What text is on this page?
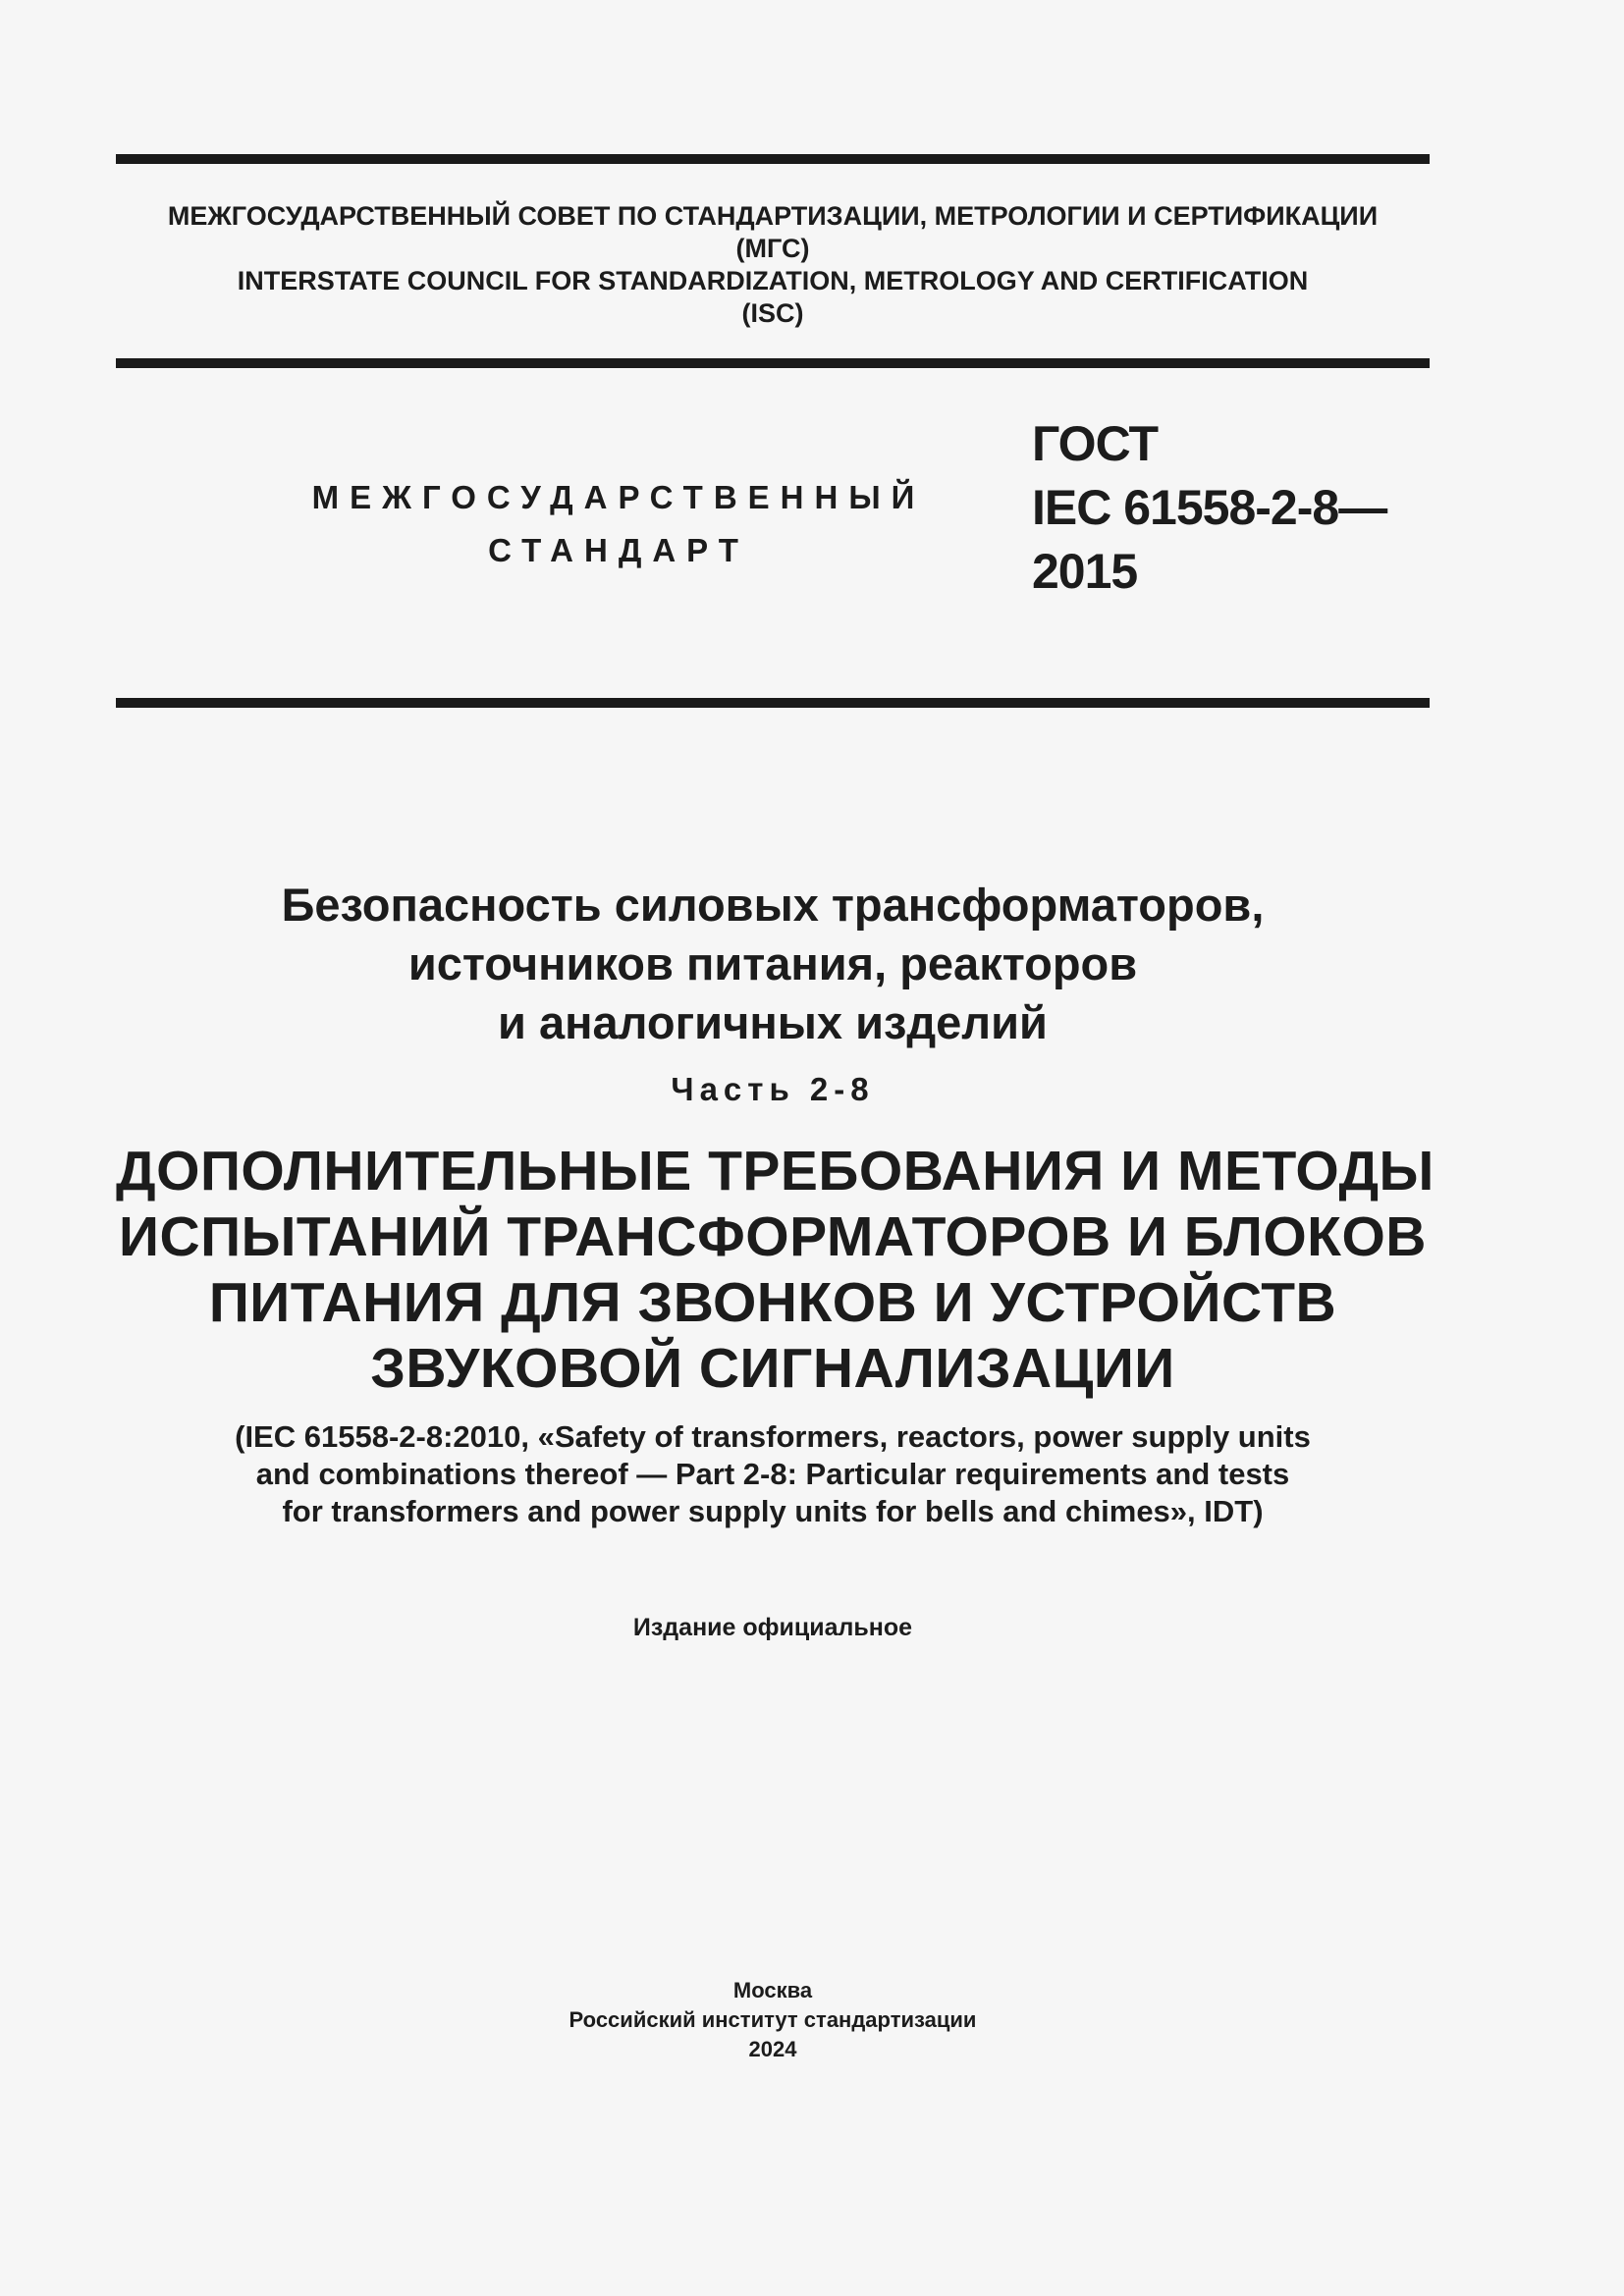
МЕЖГОСУДАРСТВЕННЫЙ СОВЕТ ПО СТАНДАРТИЗАЦИИ, МЕТРОЛОГИИ И СЕРТИФИКАЦИИ
(МГС)
INTERSTATE COUNCIL FOR STANDARDIZATION, METROLOGY AND CERTIFICATION
(ISC)
МЕЖГОСУДАРСТВЕННЫЙ
СТАНДАРТ
ГОСТ
IEC 61558-2-8—
2015
Безопасность силовых трансформаторов,
источников питания, реакторов
и аналогичных изделий
Часть 2-8
ДОПОЛНИТЕЛЬНЫЕ ТРЕБОВАНИЯ И МЕТОДЫ
ИСПЫТАНИЙ ТРАНСФОРМАТОРОВ И БЛОКОВ
ПИТАНИЯ ДЛЯ ЗВОНКОВ И УСТРОЙСТВ
ЗВУКОВОЙ СИГНАЛИЗАЦИИ
(IEC 61558-2-8:2010, «Safety of transformers, reactors, power supply units
and combinations thereof — Part 2-8: Particular requirements and tests
for transformers and power supply units for bells and chimes», IDT)
Издание официальное
Москва
Российский институт стандартизации
2024
